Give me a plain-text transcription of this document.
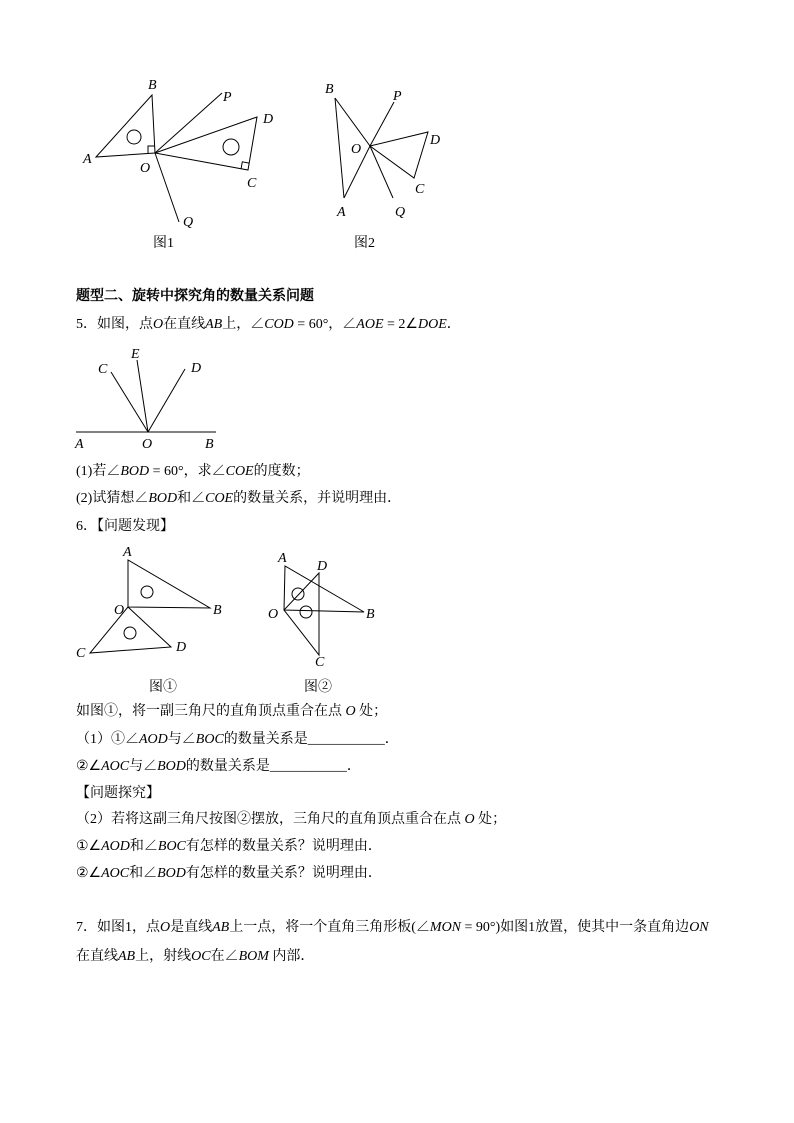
B
P
D
A
O
C
Q
图1
B	P
O
D
C
A	Q
图2
C
E
D
A	O	B
A
O	B
C	D
图①
A
D
O	B
C
图②
题型二、旋转中探究角的数量关系问题
5．如图，点O在直线AB上，∠COD = 60°，∠AOE = 2∠DOE．
(1)若∠BOD = 60°，求∠COE的度数；
(2)试猜想∠BOD和∠COE的数量关系，并说明理由．
6．【问题发现】
如图①，将一副三角尺的直角顶点重合在点 O 处；
（1）①∠AOD与∠BOC的数量关系是___________．
②∠AOC与∠BOD的数量关系是___________．
【问题探究】
（2）若将这副三角尺按图②摆放，三角尺的直角顶点重合在点 O 处；
①∠AOD和∠BOC有怎样的数量关系？说明理由．
②∠AOC和∠BOD有怎样的数量关系？说明理由．
7．如图1，点O是直线AB上一点，将一个直角三角形板(∠MON = 90°)如图1放置，使其中一条直角边ON
在直线AB上，射线OC在∠BOM 内部．
